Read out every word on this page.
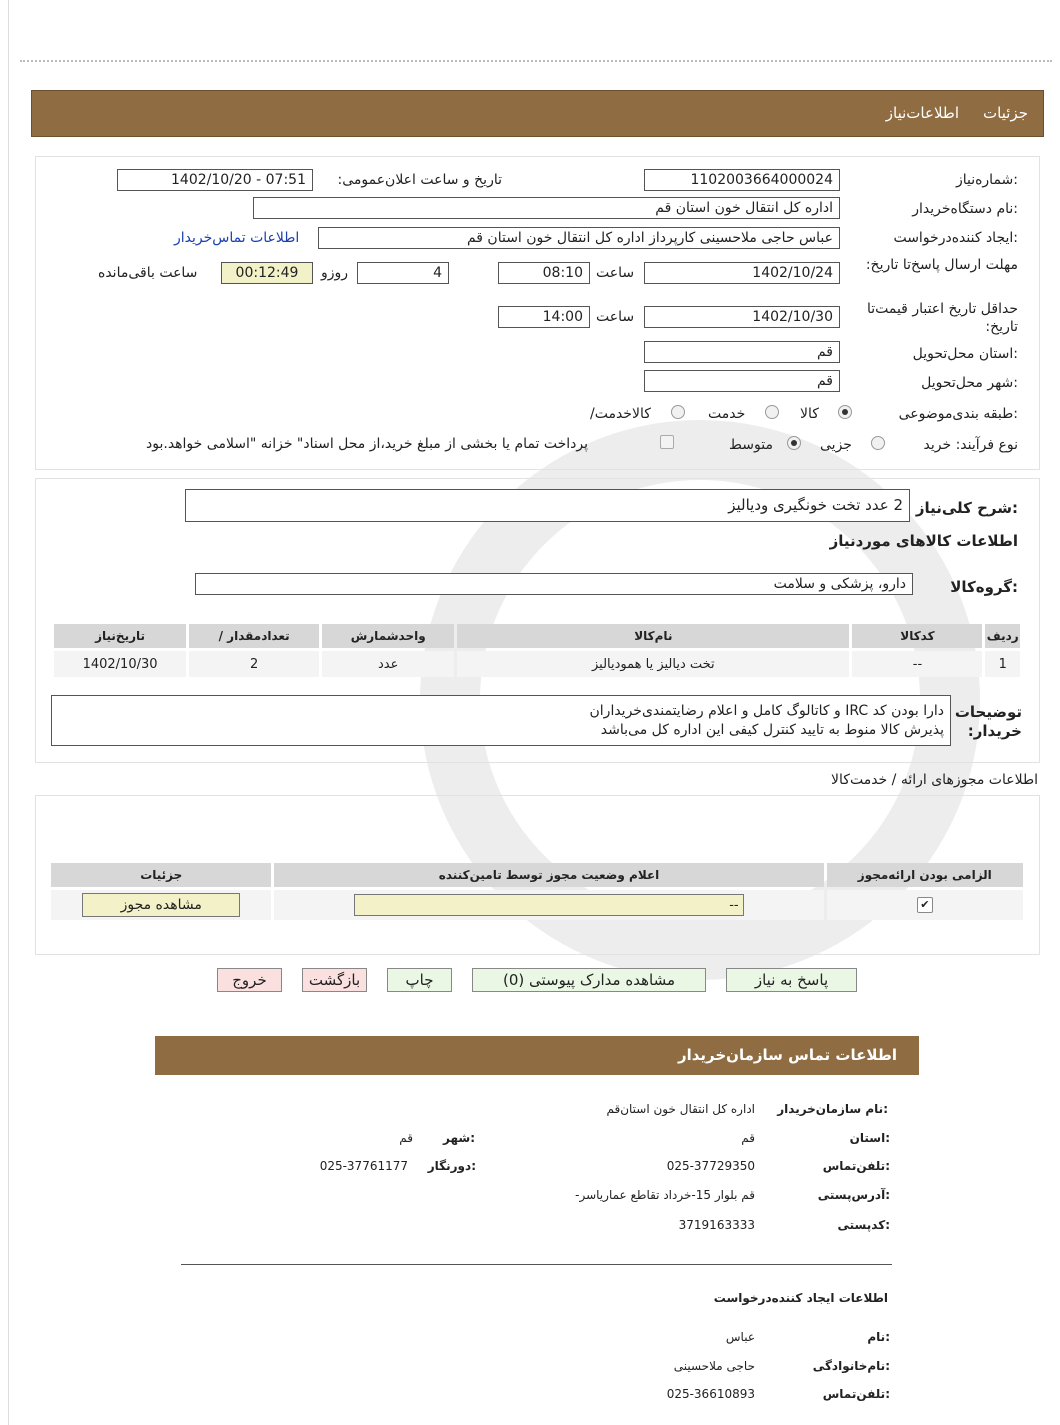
اطلاعات‌نیاز جزئیات
شماره‌نیاز:
1102003664000024
تاریخ و ساعت اعلان‌عمومی:
1402/10/20 - 07:51
نام دستگاه‌خریدار:
اداره کل انتقال خون استان قم
ایجاد کننده‌درخواست:
عباس حاجی ملاحسینی کارپرداز اداره کل انتقال خون استان قم
اطلاعات تماس‌خریدار
مهلت ارسال پاسخ‌تا تاریخ:
1402/10/24
ساعت
08:10
4
روزو
00:12:49
ساعت باقی‌مانده
حداقل تاریخ اعتبار قیمت‌تا تاریخ:
1402/10/30
ساعت
14:00
استان محل‌تحویل:
قم
شهر محل‌تحویل:
قم
طبقه بندی‌موضوعی:
کالا
خدمت
کالاخدمت/
نوع فرآیند: خرید
جزیی
متوسط
پرداخت تمام یا بخشی از مبلغ خرید،از محل اسناد" خزانه "اسلامی خواهد.بود
شرح کلی‌نیاز:
2 عدد تخت خونگیری ودیالیز
اطلاعات کالاهای موردنیاز
گروه‌کالا:
دارو، پزشکی و سلامت
ردیف	کدکالا	نام‌کالا	واحدشمارش	تعدادمقدار /	تاریخ‌نیاز
1	--	تخت دیالیز یا همودیالیز	عدد	2	1402/10/30
توضیحات خریدار:
دارا بودن کد IRC و کاتالوگ کامل و اعلام رضایتمندی‌خریداران
پذیرش کالا منوط به تایید کنترل کیفی این اداره کل می‌باشد
اطلاعات مجوزهای ارائه / خدمت‌کالا
الزامی بودن ارائه‌مجوز	اعلام وضعیت مجوز توسط تامین‌کننده	جزئیات
✔	--	مشاهده مجوز
پاسخ به نیاز
مشاهده مدارک پیوستی (0)
چاپ
بازگشت
خروج
اطلاعات تماس سازمان‌خریدار
نام سازمان‌خریدار:
اداره کل انتقال خون استان‌قم
استان:
قم
شهر:
قم
تلفن‌تماس:
025-37729350
دورنگار:
025-37761177
آدرس‌پستی:
قم بلوار 15-خرداد تقاطع عمار‌یاسر-
کدپستی:
3719163333
اطلاعات ایجاد کننده‌درخواست
نام:
عباس
نام‌خانوادگی:
حاجی ملاحسینی
تلفن‌تماس:
025-36610893
